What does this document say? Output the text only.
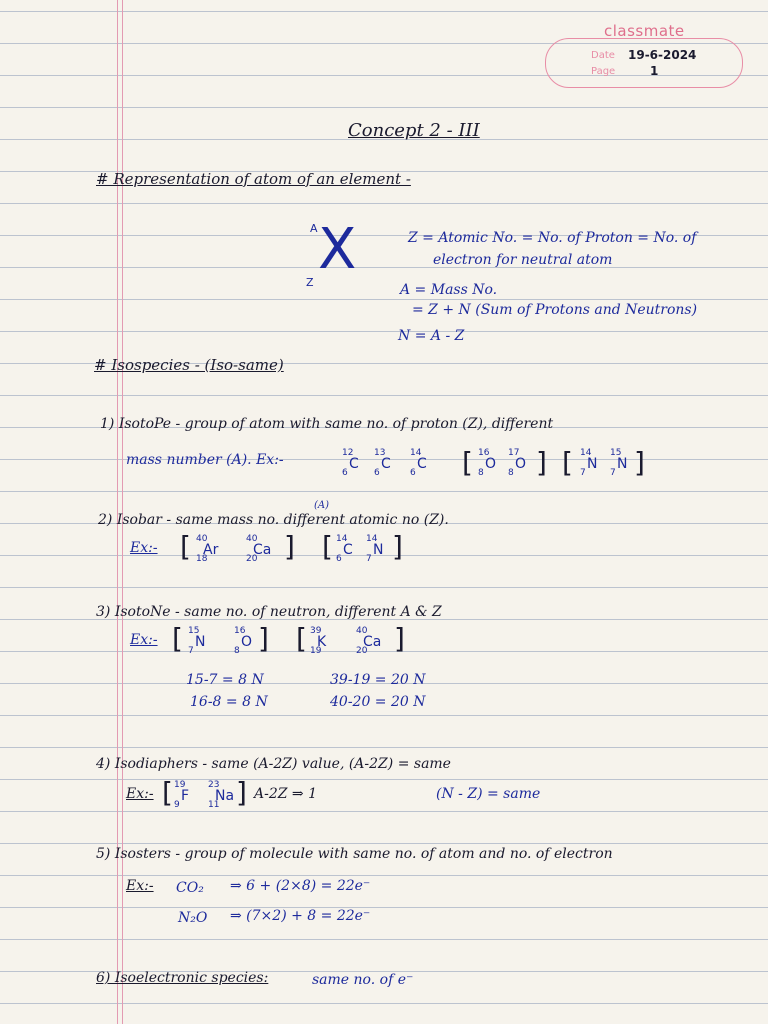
classmate
Date 19-6-2024
Page	1
Concept 2 - III
# Representation of atom of an element -
X
A
Z
Z = Atomic No. = No. of Proton = No. of
electron for neutral atom
A = Mass No.
= Z + N (Sum of Protons and Neutrons)
N = A - Z
# Isospecies - (Iso-same)
1) IsotoPe - group of atom with same no. of proton (Z), different
mass number (A). Ex:-	12
6
C
13
6
C
14
6
C [ 16
8
O
17
8
O ] [ 14
7
N
15
7
N ]
(A)
2) Isobar - same mass no. different atomic no (Z).
Ex:- [ 40
18
Ar
40
20
Ca ] [ 14
6
C
14
7
N ]
3) IsotoNe - same no. of neutron, different A & Z
Ex:- [ 15
7
N
16
8
O ] [ 39
19
K
40
20
Ca ]
15-7 = 8 N	39-19 = 20 N
16-8 = 8 N	40-20 = 20 N
4) Isodiaphers - same (A-2Z) value, (A-2Z) = same
Ex:- [ 19
9
F
23
11
Na ] A-2Z ⇒ 1	(N - Z) = same
5) Isosters - group of molecule with same no. of atom and no. of electron
Ex:- CO₂ ⇒ 6 + (2×8) = 22e⁻
N₂O ⇒ (7×2) + 8 = 22e⁻
6) Isoelectronic species:	same no. of e⁻
